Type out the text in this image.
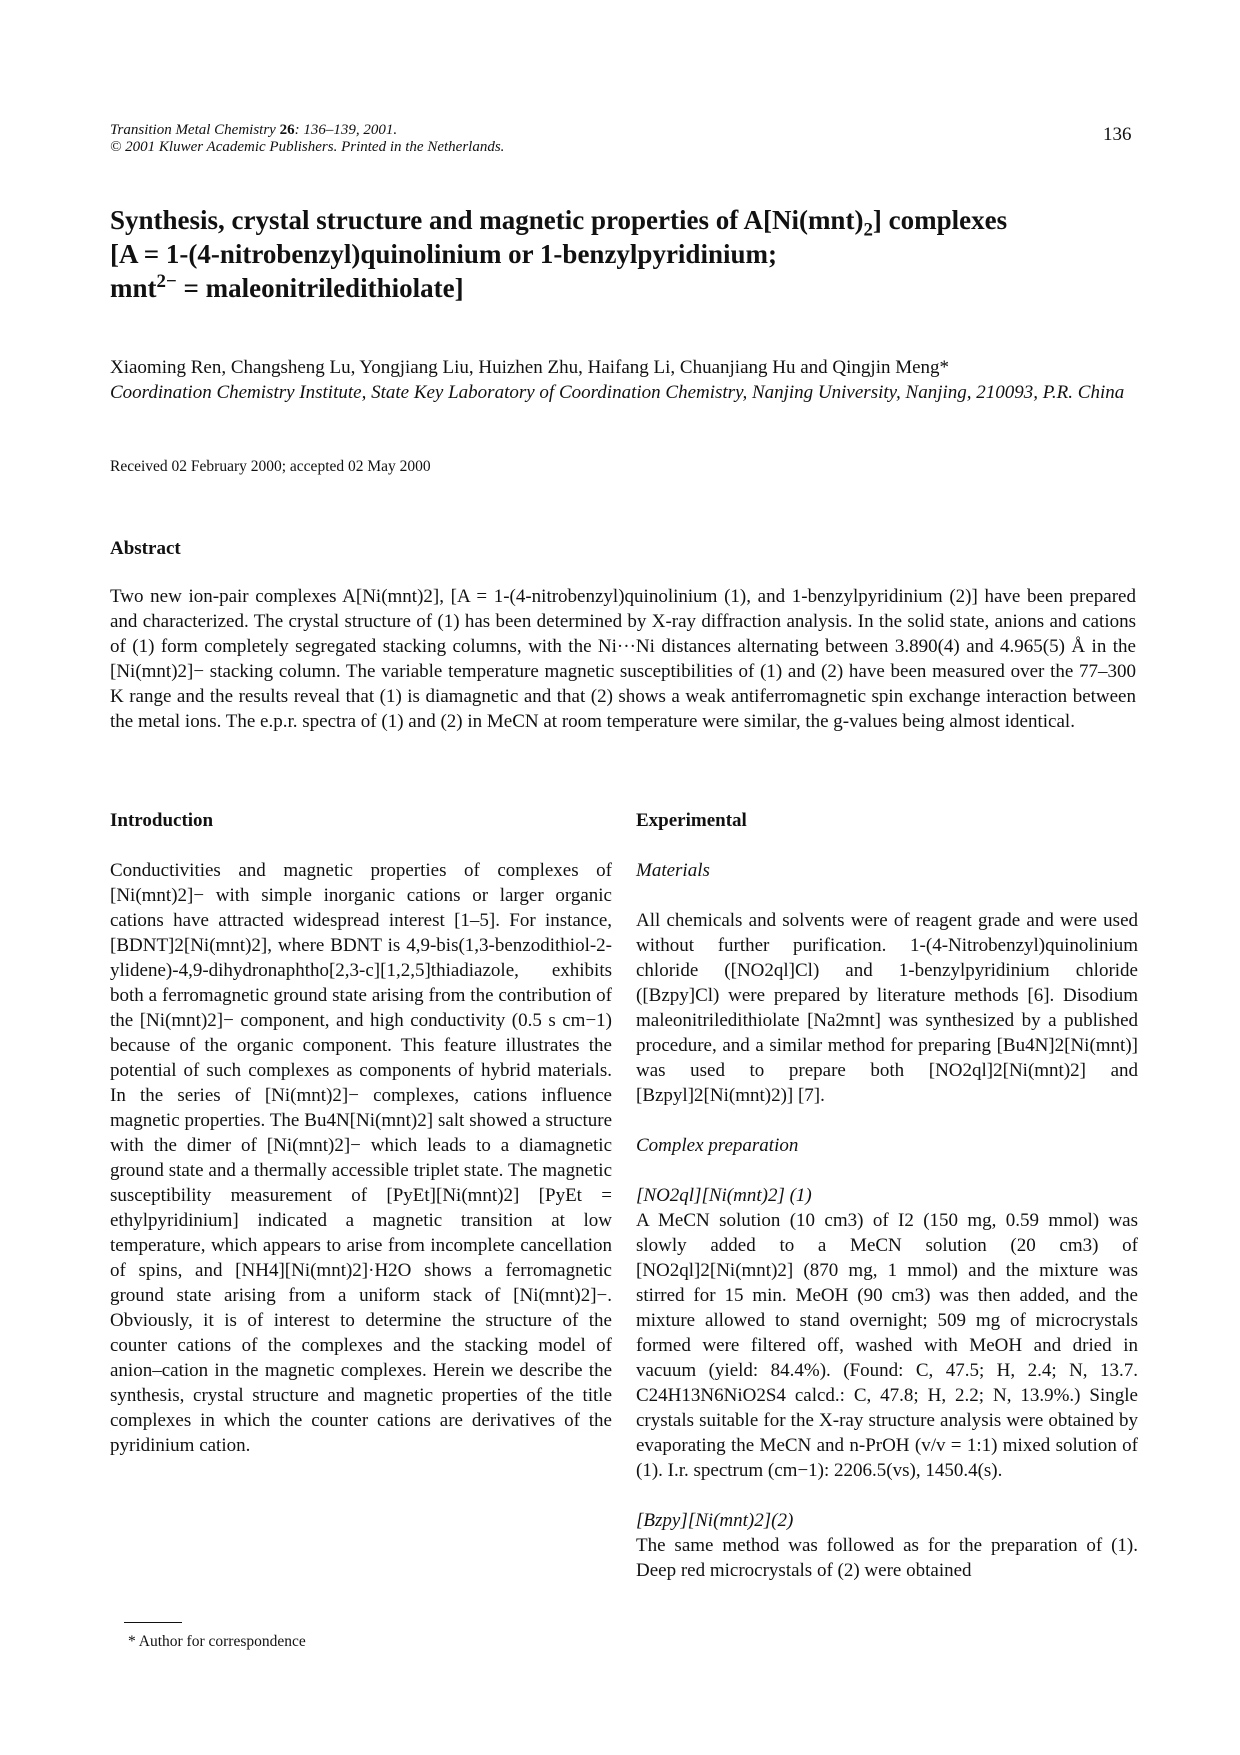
Transition Metal Chemistry 26: 136–139, 2001.
© 2001 Kluwer Academic Publishers. Printed in the Netherlands.
136
Synthesis, crystal structure and magnetic properties of $A[Ni(mnt)_2]$ complexes
[A = 1-(4-nitrobenzyl)quinolinium or 1-benzylpyridinium;
mnt$^{2-}$ = maleonitriledithiolate]
Xiaoming Ren, Changsheng Lu, Yongjiang Liu, Huizhen Zhu, Haifang Li, Chuanjiang Hu and Qingjin Meng*
Coordination Chemistry Institute, State Key Laboratory of Coordination Chemistry, Nanjing University, Nanjing, 210093, P.R. China
Received 02 February 2000; accepted 02 May 2000
Abstract
Two new ion-pair complexes A[Ni(mnt)2], [A = 1-(4-nitrobenzyl)quinolinium (1), and 1-benzylpyridinium (2)] have been prepared and characterized. The crystal structure of (1) has been determined by X-ray diffraction analysis. In the solid state, anions and cations of (1) form completely segregated stacking columns, with the Ni···Ni distances alternating between 3.890(4) and 4.965(5) Å in the [Ni(mnt)2]− stacking column. The variable temperature magnetic susceptibilities of (1) and (2) have been measured over the 77–300 K range and the results reveal that (1) is diamagnetic and that (2) shows a weak antiferromagnetic spin exchange interaction between the metal ions. The e.p.r. spectra of (1) and (2) in MeCN at room temperature were similar, the g-values being almost identical.
Introduction

Conductivities and magnetic properties of complexes of [Ni(mnt)2]− with simple inorganic cations or larger organic cations have attracted widespread interest [1–5]. For instance, [BDNT]2[Ni(mnt)2], where BDNT is 4,9-bis(1,3-benzodithiol-2-ylidene)-4,9-dihydronaphtho[2,3-c][1,2,5]thiadiazole, exhibits both a ferromagnetic ground state arising from the contribution of the [Ni(mnt)2]− component, and high conductivity (0.5 s cm−1) because of the organic component. This feature illustrates the potential of such complexes as components of hybrid materials. In the series of [Ni(mnt)2]− complexes, cations influence magnetic properties. The Bu4N[Ni(mnt)2] salt showed a structure with the dimer of [Ni(mnt)2]− which leads to a diamagnetic ground state and a thermally accessible triplet state. The magnetic susceptibility measurement of [PyEt][Ni(mnt)2] [PyEt = ethylpyridinium] indicated a magnetic transition at low temperature, which appears to arise from incomplete cancellation of spins, and [NH4][Ni(mnt)2]·H2O shows a ferromagnetic ground state arising from a uniform stack of [Ni(mnt)2]−. Obviously, it is of interest to determine the structure of the counter cations of the complexes and the stacking model of anion–cation in the magnetic complexes. Herein we describe the synthesis, crystal structure and magnetic properties of the title complexes in which the counter cations are derivatives of the pyridinium cation.

Experimental
Materials

All chemicals and solvents were of reagent grade and were used without further purification. 1-(4-Nitrobenzyl)quinolinium chloride ([NO2ql]Cl) and 1-benzylpyridinium chloride ([Bzpy]Cl) were prepared by literature methods [6]. Disodium maleonitriledithiolate [Na2mnt] was synthesized by a published procedure, and a similar method for preparing [Bu4N]2[Ni(mnt)] was used to prepare both [NO2ql]2[Ni(mnt)2] and [Bzpyl]2[Ni(mnt)2)] [7].

Complex preparation
[NO2ql][Ni(mnt)2] (1)

A MeCN solution (10 cm3) of I2 (150 mg, 0.59 mmol) was slowly added to a MeCN solution (20 cm3) of [NO2ql]2[Ni(mnt)2] (870 mg, 1 mmol) and the mixture was stirred for 15 min. MeOH (90 cm3) was then added, and the mixture allowed to stand overnight; 509 mg of microcrystals formed were filtered off, washed with MeOH and dried in vacuum (yield: 84.4%). (Found: C, 47.5; H, 2.4; N, 13.7. C24H13N6NiO2S4 calcd.: C, 47.8; H, 2.2; N, 13.9%.) Single crystals suitable for the X-ray structure analysis were obtained by evaporating the MeCN and n-PrOH (v/v = 1:1) mixed solution of (1). I.r. spectrum (cm−1): 2206.5(vs), 1450.4(s).

[Bzpy][Ni(mnt)2](2)

The same method was followed as for the preparation of (1). Deep red microcrystals of (2) were obtained

* Author for correspondence
